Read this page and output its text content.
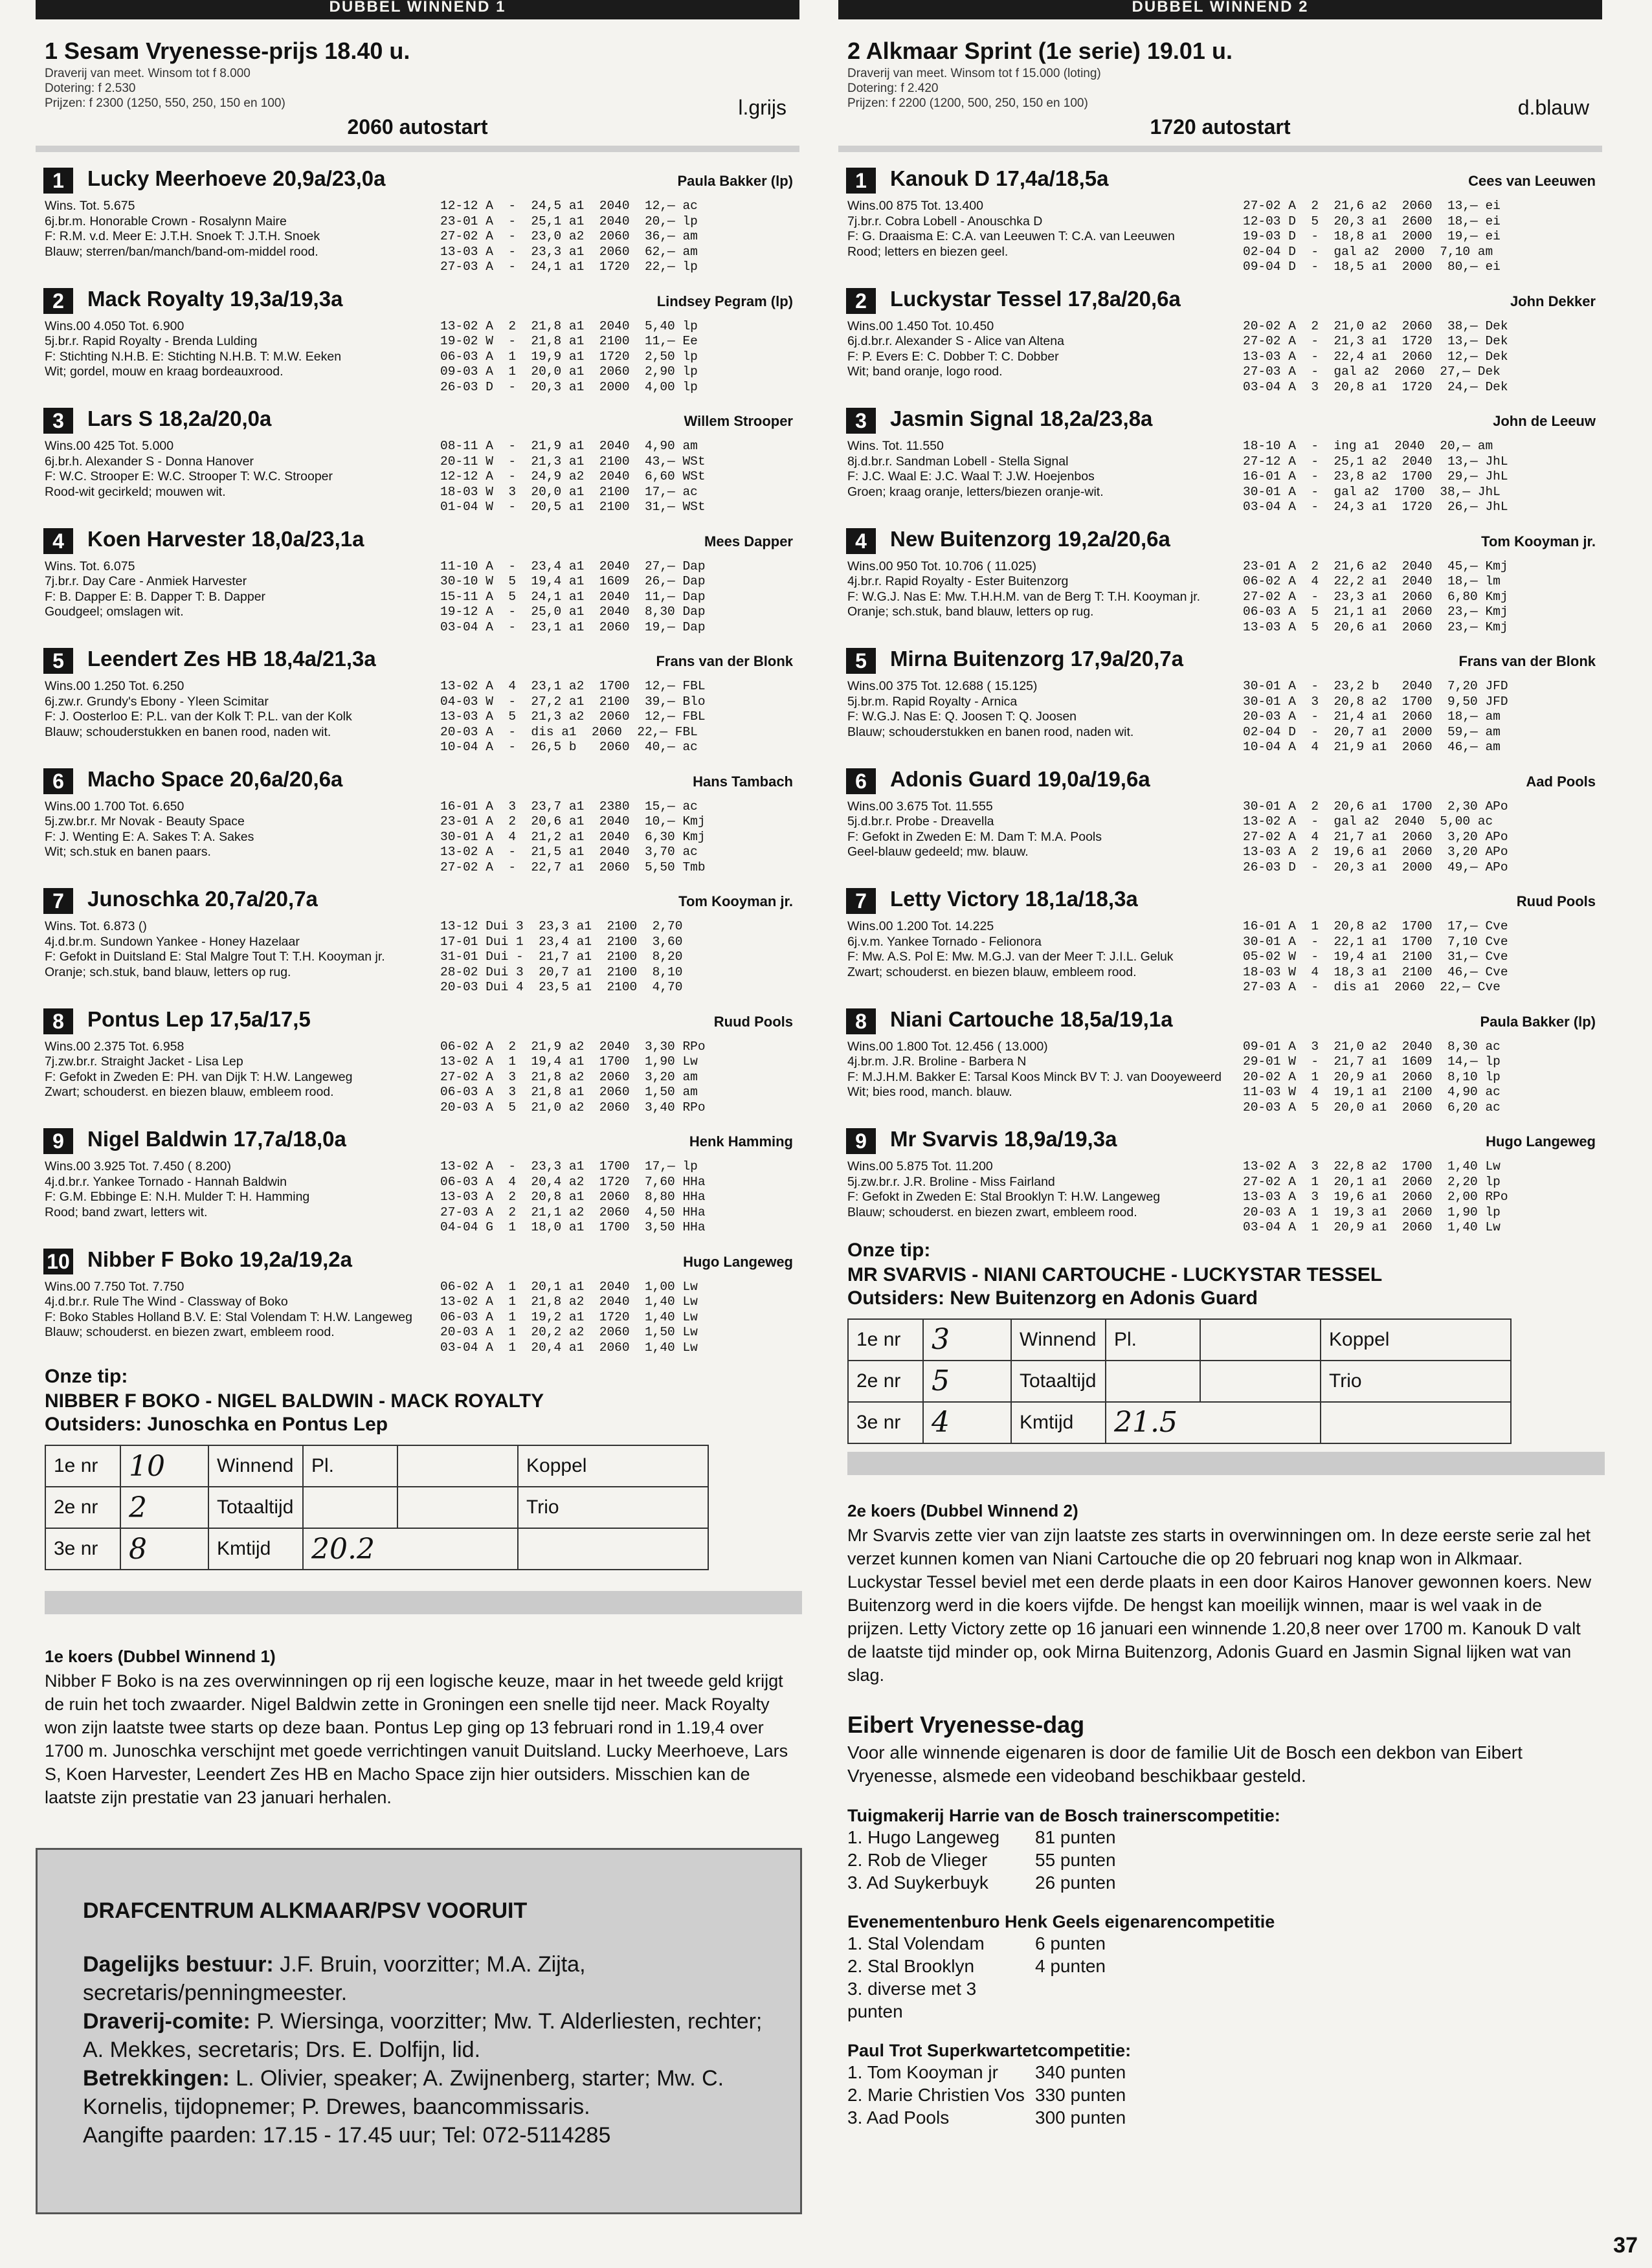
DUBBEL WINNEND 1
1 Sesam Vryenesse-prijs 18.40 u.
Draverij van meet. Winsom tot f 8.000
Dotering: f 2.530
Prijzen: f 2300 (1250, 550, 250, 150 en 100)
2060 autostart
l.grijs
1	Lucky Meerhoeve 20,9a/23,0a	Paula Bakker (lp)
Wins. Tot. 5.675
6j.br.m. Honorable Crown - Rosalynn Maire
F: R.M. v.d. Meer E: J.T.H. Snoek T: J.T.H. Snoek
Blauw; sterren/ban/manch/band-om-middel rood.
12-12 A  -  24,5 a1  2040  12,— ac
23-01 A  -  25,1 a1  2040  20,— lp
27-02 A  -  23,0 a2  2060  36,— am
13-03 A  -  23,3 a1  2060  62,— am
27-03 A  -  24,1 a1  1720  22,— lp
2	Mack Royalty 19,3a/19,3a	Lindsey Pegram (lp)
Wins.00 4.050 Tot. 6.900
5j.br.r. Rapid Royalty - Brenda Lulding
F: Stichting N.H.B. E: Stichting N.H.B. T: M.W. Eeken
Wit; gordel, mouw en kraag bordeauxrood.
13-02 A  2  21,8 a1  2040  5,40 lp
19-02 W  -  21,8 a1  2100  11,— Ee
06-03 A  1  19,9 a1  1720  2,50 lp
09-03 A  1  20,0 a1  2060  2,90 lp
26-03 D  -  20,3 a1  2000  4,00 lp
3	Lars S 18,2a/20,0a	Willem Strooper
Wins.00 425 Tot. 5.000
6j.br.h. Alexander S - Donna Hanover
F: W.C. Strooper E: W.C. Strooper T: W.C. Strooper
Rood-wit gecirkeld; mouwen wit.
08-11 A  -  21,9 a1  2040  4,90 am
20-11 W  -  21,3 a1  2100  43,— WSt
12-12 A  -  24,9 a2  2040  6,60 WSt
18-03 W  3  20,0 a1  2100  17,— ac
01-04 W  -  20,5 a1  2100  31,— WSt
4	Koen Harvester 18,0a/23,1a	Mees Dapper
Wins. Tot. 6.075
7j.br.r. Day Care - Anmiek Harvester
F: B. Dapper E: B. Dapper T: B. Dapper
Goudgeel; omslagen wit.
11-10 A  -  23,4 a1  2040  27,— Dap
30-10 W  5  19,4 a1  1609  26,— Dap
15-11 A  5  24,1 a1  2040  11,— Dap
19-12 A  -  25,0 a1  2040  8,30 Dap
03-04 A  -  23,1 a1  2060  19,— Dap
5	Leendert Zes HB 18,4a/21,3a	Frans van der Blonk
Wins.00 1.250 Tot. 6.250
6j.zw.r. Grundy's Ebony - Yleen Scimitar
F: J. Oosterloo E: P.L. van der Kolk T: P.L. van der Kolk
Blauw; schouderstukken en banen rood, naden wit.
13-02 A  4  23,1 a2  1700  12,— FBL
04-03 W  -  27,2 a1  2100  39,— Blo
13-03 A  5  21,3 a2  2060  12,— FBL
20-03 A  -  dis a1  2060  22,— FBL
10-04 A  -  26,5 b   2060  40,— ac
6	Macho Space 20,6a/20,6a	Hans Tambach
Wins.00 1.700 Tot. 6.650
5j.zw.br.r. Mr Novak - Beauty Space
F: J. Wenting E: A. Sakes T: A. Sakes
Wit; sch.stuk en banen paars.
16-01 A  3  23,7 a1  2380  15,— ac
23-01 A  2  20,6 a1  2040  10,— Kmj
30-01 A  4  21,2 a1  2040  6,30 Kmj
13-02 A  -  21,5 a1  2040  3,70 ac
27-02 A  -  22,7 a1  2060  5,50 Tmb
7	Junoschka 20,7a/20,7a	Tom Kooyman jr.
Wins. Tot. 6.873 ()
4j.d.br.m. Sundown Yankee - Honey Hazelaar
F: Gefokt in Duitsland E: Stal Malgre Tout T: T.H. Kooyman jr.
Oranje; sch.stuk, band blauw, letters op rug.
13-12 Dui 3  23,3 a1  2100  2,70
17-01 Dui 1  23,4 a1  2100  3,60
31-01 Dui -  21,7 a1  2100  8,20
28-02 Dui 3  20,7 a1  2100  8,10
20-03 Dui 4  23,5 a1  2100  4,70
8	Pontus Lep 17,5a/17,5	Ruud Pools
Wins.00 2.375 Tot. 6.958
7j.zw.br.r. Straight Jacket - Lisa Lep
F: Gefokt in Zweden E: PH. van Dijk T: H.W. Langeweg
Zwart; schouderst. en biezen blauw, embleem rood.
06-02 A  2  21,9 a2  2040  3,30 RPo
13-02 A  1  19,4 a1  1700  1,90 Lw
27-02 A  3  21,8 a2  2060  3,20 am
06-03 A  3  21,8 a1  2060  1,50 am
20-03 A  5  21,0 a2  2060  3,40 RPo
9	Nigel Baldwin 17,7a/18,0a	Henk Hamming
Wins.00 3.925 Tot. 7.450 ( 8.200)
4j.d.br.r. Yankee Tornado - Hannah Baldwin
F: G.M. Ebbinge E: N.H. Mulder T: H. Hamming
Rood; band zwart, letters wit.
13-02 A  -  23,3 a1  1700  17,— lp
06-03 A  4  20,4 a2  1720  7,60 HHa
13-03 A  2  20,8 a1  2060  8,80 HHa
27-03 A  2  21,1 a2  2060  4,50 HHa
04-04 G  1  18,0 a1  1700  3,50 HHa
10 Nibber F Boko 19,2a/19,2a	Hugo Langeweg
Wins.00 7.750 Tot. 7.750
4j.d.br.r. Rule The Wind - Classway of Boko
F: Boko Stables Holland B.V. E: Stal Volendam T: H.W. Langeweg
Blauw; schouderst. en biezen zwart, embleem rood.
06-02 A  1  20,1 a1  2040  1,00 Lw
13-02 A  1  21,8 a2  2040  1,40 Lw
06-03 A  1  19,2 a1  1720  1,40 Lw
20-03 A  1  20,2 a2  2060  1,50 Lw
03-04 A  1  20,4 a1  2060  1,40 Lw
Onze tip:
NIBBER F BOKO - NIGEL BALDWIN - MACK ROYALTY
Outsiders: Junoschka en Pontus Lep
1e nr	10	Winnend	Pl.		Koppel
2e nr	2	Totaaltijd			Trio
3e nr	8	Kmtijd	20.2		
1e koers (Dubbel Winnend 1)
Nibber F Boko is na zes overwinningen op rij een logische keuze, maar in het tweede geld krijgt de ruin het toch zwaarder. Nigel Baldwin zette in Groningen een snelle tijd neer. Mack Royalty won zijn laatste twee starts op deze baan. Pontus Lep ging op 13 februari rond in 1.19,4 over 1700 m. Junoschka verschijnt met goede verrichtingen vanuit Duitsland. Lucky Meerhoeve, Lars S, Koen Harvester, Leendert Zes HB en Macho Space zijn hier outsiders. Misschien kan de laatste zijn prestatie van 23 januari herhalen.
DRAFCENTRUM ALKMAAR/PSV VOORUIT
Dagelijks bestuur: J.F. Bruin, voorzitter; M.A. Zijta, secretaris/penningmeester.
Draverij-comite: P. Wiersinga, voorzitter; Mw. T. Alderliesten, rechter; A. Mekkes, secretaris; Drs. E. Dolfijn, lid.
Betrekkingen: L. Olivier, speaker; A. Zwijnenberg, starter; Mw. C. Kornelis, tijdopnemer; P. Drewes, baancommissaris.
Aangifte paarden: 17.15 - 17.45 uur; Tel: 072-5114285
DUBBEL WINNEND 2
2 Alkmaar Sprint (1e serie) 19.01 u.
Draverij van meet. Winsom tot f 15.000 (loting)
Dotering: f 2.420
Prijzen: f 2200 (1200, 500, 250, 150 en 100)
1720 autostart
d.blauw
1	Kanouk D 17,4a/18,5a	Cees van Leeuwen
Wins.00 875 Tot. 13.400
7j.br.r. Cobra Lobell - Anouschka D
F: G. Draaisma E: C.A. van Leeuwen T: C.A. van Leeuwen
Rood; letters en biezen geel.
27-02 A  2  21,6 a2  2060  13,— ei
12-03 D  5  20,3 a1  2600  18,— ei
19-03 D  -  18,8 a1  2000  19,— ei
02-04 D  -  gal a2  2000  7,10 am
09-04 D  -  18,5 a1  2000  80,— ei
2	Luckystar Tessel 17,8a/20,6a	John Dekker
Wins.00 1.450 Tot. 10.450
6j.d.br.r. Alexander S - Alice van Altena
F: P. Evers E: C. Dobber T: C. Dobber
Wit; band oranje, logo rood.
20-02 A  2  21,0 a2  2060  38,— Dek
27-02 A  -  21,3 a1  1720  13,— Dek
13-03 A  -  22,4 a1  2060  12,— Dek
27-03 A  -  gal a2  2060  27,— Dek
03-04 A  3  20,8 a1  1720  24,— Dek
3	Jasmin Signal 18,2a/23,8a	John de Leeuw
Wins. Tot. 11.550
8j.d.br.r. Sandman Lobell - Stella Signal
F: J.C. Waal E: J.C. Waal T: J.W. Hoejenbos
Groen; kraag oranje, letters/biezen oranje-wit.
18-10 A  -  ing a1  2040  20,— am
27-12 A  -  25,1 a2  2040  13,— JhL
16-01 A  -  23,8 a2  1700  29,— JhL
30-01 A  -  gal a2  1700  38,— JhL
03-04 A  -  24,3 a1  1720  26,— JhL
4	New Buitenzorg 19,2a/20,6a	Tom Kooyman jr.
Wins.00 950 Tot. 10.706 ( 11.025)
4j.br.r. Rapid Royalty - Ester Buitenzorg
F: W.G.J. Nas E: Mw. T.H.H.M. van de Berg T: T.H. Kooyman jr.
Oranje; sch.stuk, band blauw, letters op rug.
23-01 A  2  21,6 a2  2040  45,— Kmj
06-02 A  4  22,2 a1  2040  18,— lm
27-02 A  -  23,3 a1  2060  6,80 Kmj
06-03 A  5  21,1 a1  2060  23,— Kmj
13-03 A  5  20,6 a1  2060  23,— Kmj
5	Mirna Buitenzorg 17,9a/20,7a	Frans van der Blonk
Wins.00 375 Tot. 12.688 ( 15.125)
5j.br.m. Rapid Royalty - Arnica
F: W.G.J. Nas E: Q. Joosen T: Q. Joosen
Blauw; schouderstukken en banen rood, naden wit.
30-01 A  -  23,2 b   2040  7,20 JFD
30-01 A  3  20,8 a2  1700  9,50 JFD
20-03 A  -  21,4 a1  2060  18,— am
02-04 D  -  20,7 a1  2000  59,— am
10-04 A  4  21,9 a1  2060  46,— am
6	Adonis Guard 19,0a/19,6a	Aad Pools
Wins.00 3.675 Tot. 11.555
5j.d.br.r. Probe - Dreavella
F: Gefokt in Zweden E: M. Dam T: M.A. Pools
Geel-blauw gedeeld; mw. blauw.
30-01 A  2  20,6 a1  1700  2,30 APo
13-02 A  -  gal a2  2040  5,00 ac
27-02 A  4  21,7 a1  2060  3,20 APo
13-03 A  2  19,6 a1  2060  3,20 APo
26-03 D  -  20,3 a1  2000  49,— APo
7	Letty Victory 18,1a/18,3a	Ruud Pools
Wins.00 1.200 Tot. 14.225
6j.v.m. Yankee Tornado - Felionora
F: Mw. A.S. Pol E: Mw. M.G.J. van der Meer T: J.I.L. Geluk
Zwart; schouderst. en biezen blauw, embleem rood.
16-01 A  1  20,8 a2  1700  17,— Cve
30-01 A  -  22,1 a1  1700  7,10 Cve
05-02 W  -  19,4 a1  2100  31,— Cve
18-03 W  4  18,3 a1  2100  46,— Cve
27-03 A  -  dis a1  2060  22,— Cve
8	Niani Cartouche 18,5a/19,1a	Paula Bakker (lp)
Wins.00 1.800 Tot. 12.456 ( 13.000)
4j.br.m. J.R. Broline - Barbera N
F: M.J.H.M. Bakker E: Tarsal Koos Minck BV T: J. van Dooyeweerd
Wit; bies rood, manch. blauw.
09-01 A  3  21,0 a2  2040  8,30 ac
29-01 W  -  21,7 a1  1609  14,— lp
20-02 A  1  20,9 a1  2060  8,10 lp
11-03 W  4  19,1 a1  2100  4,90 ac
20-03 A  5  20,0 a1  2060  6,20 ac
9	Mr Svarvis 18,9a/19,3a	Hugo Langeweg
Wins.00 5.875 Tot. 11.200
5j.zw.br.r. J.R. Broline - Miss Fairland
F: Gefokt in Zweden E: Stal Brooklyn T: H.W. Langeweg
Blauw; schouderst. en biezen zwart, embleem rood.
13-02 A  3  22,8 a2  1700  1,40 Lw
27-02 A  1  20,1 a1  2060  2,20 lp
13-03 A  3  19,6 a1  2060  2,00 RPo
20-03 A  1  19,3 a1  2060  1,90 lp
03-04 A  1  20,9 a1  2060  1,40 Lw
Onze tip:
MR SVARVIS - NIANI CARTOUCHE - LUCKYSTAR TESSEL
Outsiders: New Buitenzorg en Adonis Guard
1e nr	3	Winnend	Pl.		Koppel
2e nr	5	Totaaltijd			Trio
3e nr	4	Kmtijd	21.5		
2e koers (Dubbel Winnend 2)
Mr Svarvis zette vier van zijn laatste zes starts in overwinningen om. In deze eerste serie zal het verzet kunnen komen van Niani Cartouche die op 20 februari nog knap won in Alkmaar. Luckystar Tessel beviel met een derde plaats in een door Kairos Hanover gewonnen koers. New Buitenzorg werd in die koers vijfde. De hengst kan moeilijk winnen, maar is wel vaak in de prijzen. Letty Victory zette op 16 januari een winnende 1.20,8 neer over 1700 m. Kanouk D valt de laatste tijd minder op, ook Mirna Buitenzorg, Adonis Guard en Jasmin Signal lijken wat van slag.
Eibert Vryenesse-dag
Voor alle winnende eigenaren is door de familie Uit de Bosch een dekbon van Eibert Vryenesse, alsmede een videoband beschikbaar gesteld.
Tuigmakerij Harrie van de Bosch trainerscompetitie:
1. Hugo Langeweg 81 punten
2. Rob de Vlieger	55 punten
3. Ad Suykerbuyk	26 punten
Evenementenburo Henk Geels eigenarencompetitie
1. Stal Volendam	6 punten
2. Stal Brooklyn	4 punten
3. diverse met 3 punten
Paul Trot Superkwartetcompetitie:
1. Tom Kooyman jr 340 punten
2. Marie Christien Vos 330 punten
3. Aad Pools	300 punten
37
